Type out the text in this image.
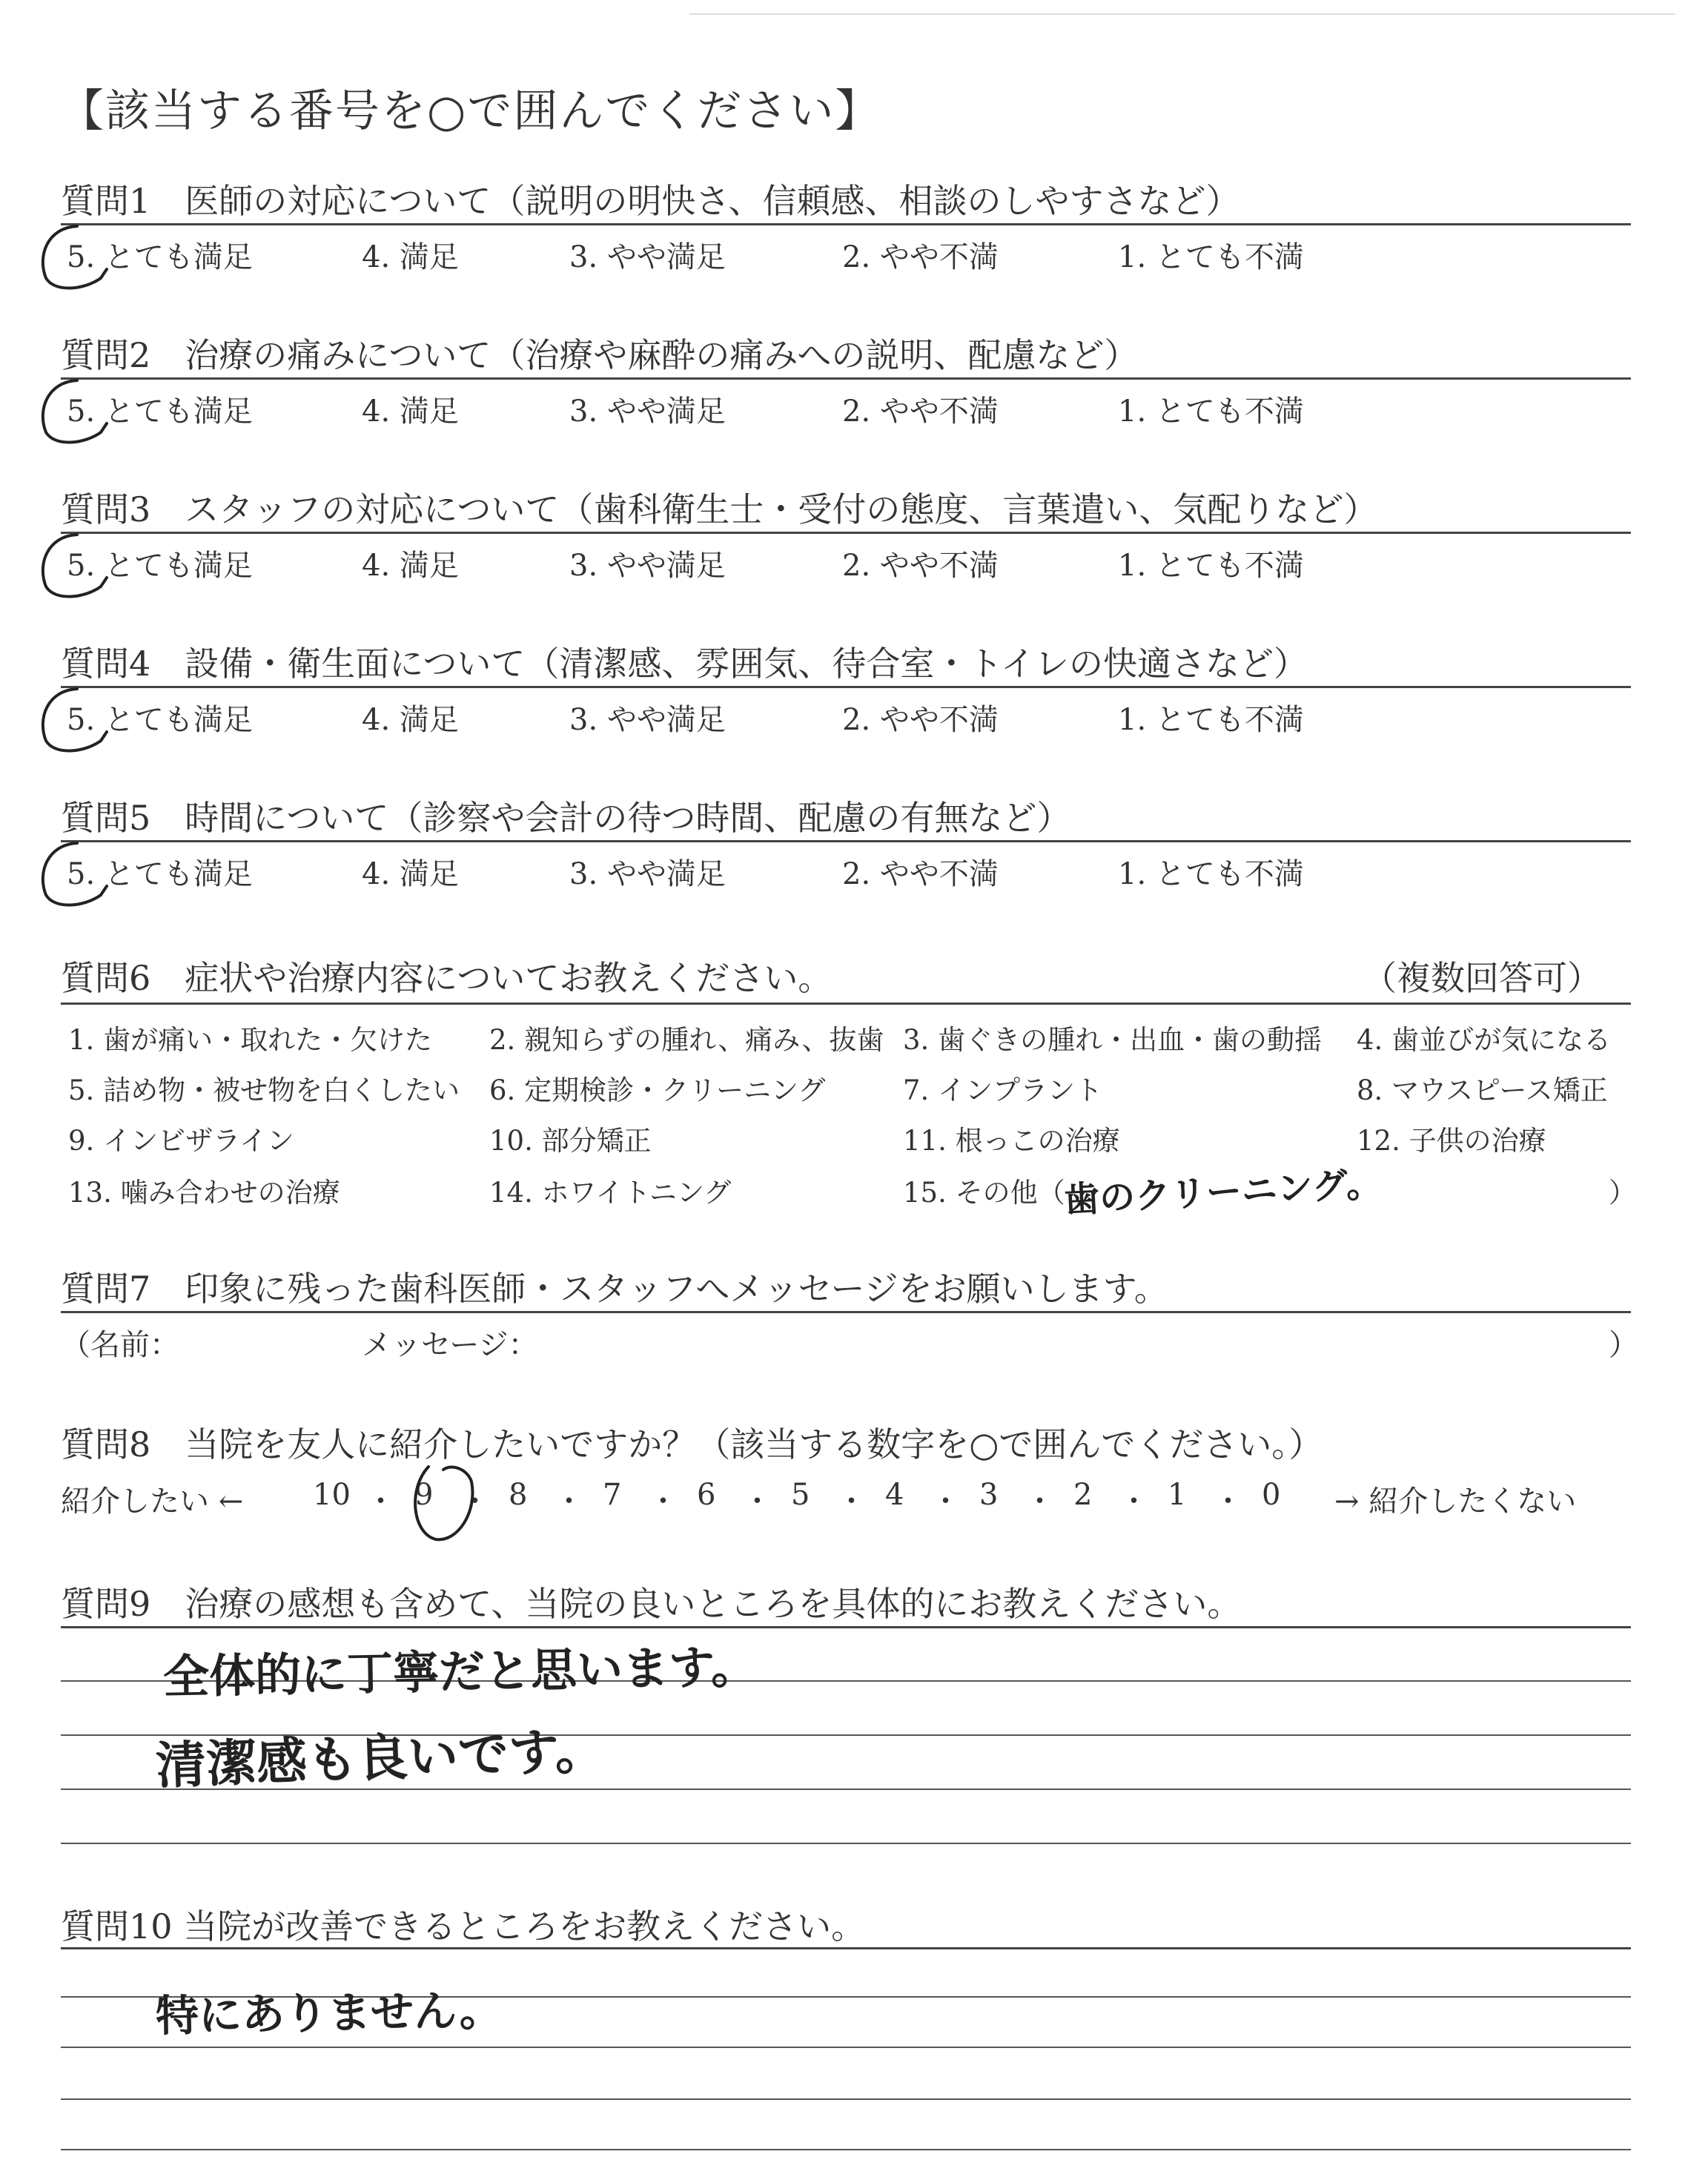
【該当する番号を○で囲んでください】
質問1　医師の対応について（説明の明快さ、信頼感、相談のしやすさなど）
5. とても満足	4. 満足	3. やや満足	2. やや不満	1. とても不満
質問2　治療の痛みについて（治療や麻酔の痛みへの説明、配慮など）
5. とても満足	4. 満足	3. やや満足	2. やや不満	1. とても不満
質問3　スタッフの対応について（歯科衛生士・受付の態度、言葉遣い、気配りなど）
5. とても満足	4. 満足	3. やや満足	2. やや不満	1. とても不満
質問4　設備・衛生面について（清潔感、雰囲気、待合室・トイレの快適さなど）
5. とても満足	4. 満足	3. やや満足	2. やや不満	1. とても不満
質問5　時間について（診察や会計の待つ時間、配慮の有無など）
5. とても満足	4. 満足	3. やや満足	2. やや不満	1. とても不満
質問6　症状や治療内容についてお教えください。	（複数回答可）
1. 歯が痛い・取れた・欠けた 2. 親知らずの腫れ、痛み、抜歯 3. 歯ぐきの腫れ・出血・歯の動揺 4. 歯並びが気になる
5. 詰め物・被せ物を白くしたい 6. 定期検診・クリーニング	7. インプラント	8. マウスピース矯正
9. インビザライン	10. 部分矯正	11. 根っこの治療	12. 子供の治療
13. 噛み合わせの治療	14. ホワイトニング	15. その他（	）
歯のクリーニング。
質問7　印象に残った歯科医師・スタッフへメッセージをお願いします。
（名前：	メッセージ：	）
質問8　当院を友人に紹介したいですか？（該当する数字を○で囲んでください。）
紹介したい ← 10 ・ 9 ・ 8 ・ 7 ・ 6 ・ 5 ・ 4 ・ 3 ・ 2 ・ 1 ・ 0 → 紹介したくない
質問9　治療の感想も含めて、当院の良いところを具体的にお教えください。
全体的に丁寧だと思います。
清潔感も良いです。
質問10 当院が改善できるところをお教えください。
特にありません。
